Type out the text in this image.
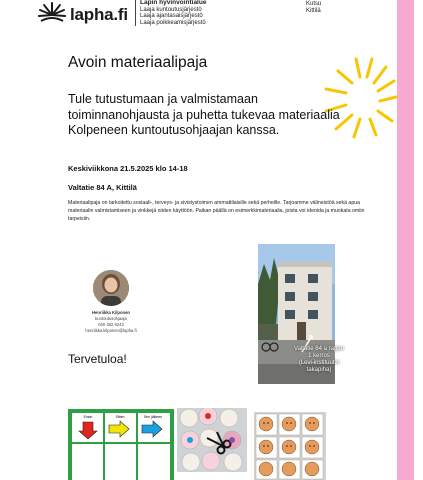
lapha.fi
Lapin hyvinvointialue
Laaja kuntoutusjärjestö
Laaja ajantasaisjärjestö
Laaja poikkeamisjärjestö
Kutsu
Kittilä
Avoin materiaalipaja
Tule tutustumaan ja valmistamaan toiminnanohjausta ja puhetta tukevaa materiaalia Kolpeneen kuntoutusohjaajan kanssa.
Keskiviikkona 21.5.2025 klo 14-18
Valtatie 84 A, Kittilä
Materiaalipaja on tarkoitettu sosiaali-, terveys- ja sivistystoimen ammattilaisille sekä perheille. Tarjoamme välineistöä sekä apua materiaalin valmistamiseen ja vinkkejä niiden käyttöön. Paikan päällä on esimerkkimateriaalia, joista voi ideoida ja muokata omiin tarpeisiin.
Henriikka Kilponen
kuntoutusohjaaja
040 482 9243
henriikka.kilponen@lapha.fi
Tervetuloa!
Valtatie 84 a rappu
1 kerros
(Levi-instituutin
takapiha)
Ensin	Sitten	Sen jälkeen
